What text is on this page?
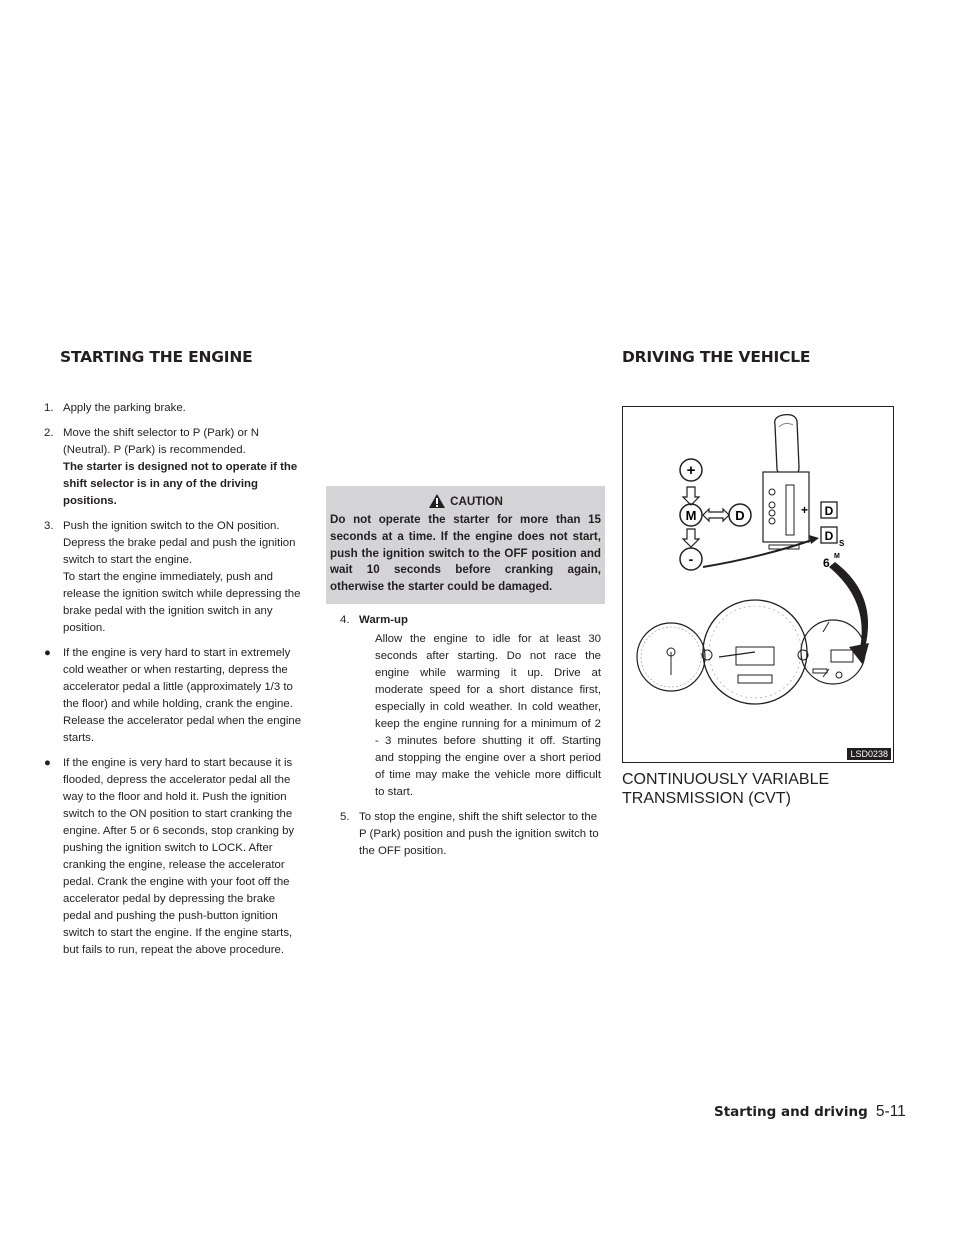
STARTING THE ENGINE	DRIVING THE VEHICLE
1. Apply the parking brake.
2. Move the shift selector to P (Park) or N (Neutral). P (Park) is recommended.

The starter is designed not to operate if the shift selector is in any of the driving positions.

3. Push the ignition switch to the ON position. Depress the brake pedal and push the ignition switch to start the engine.

To start the engine immediately, push and release the ignition switch while depressing the brake pedal with the ignition switch in any position.

● If the engine is very hard to start in extremely cold weather or when restarting, depress the accelerator pedal a little (approximately 1/3 to the floor) and while holding, crank the engine. Release the accelerator pedal when the engine starts.

● If the engine is very hard to start because it is flooded, depress the accelerator pedal all the way to the floor and hold it. Push the ignition switch to the ON position to start cranking the engine. After 5 or 6 seconds, stop cranking by pushing the ignition switch to LOCK. After cranking the engine, release the accelerator pedal. Crank the engine with your foot off the accelerator pedal by depressing the brake pedal and pushing the push-button ignition switch to start the engine. If the engine starts, but fails to run, repeat the above procedure.

CAUTION
Do not operate the starter for more than 15 seconds at a time. If the engine does not start, push the ignition switch to the OFF position and wait 10 seconds before cranking again, otherwise the starter could be damaged.
4. Warm-up

Allow the engine to idle for at least 30 seconds after starting. Do not race the engine while warming it up. Drive at moderate speed for a short distance first, especially in cold weather. In cold weather, keep the engine running for a minimum of 2 - 3 minutes before shutting it off. Starting and stopping the engine over a short period of time may make the vehicle more difficult to start.

5. To stop the engine, shift the shift selector to the P (Park) position and push the ignition switch to the OFF position.

+
M	D
-
+ D
D
S
6 M
LSD0238
CONTINUOUSLY VARIABLE
TRANSMISSION (CVT)
Starting and driving 5-11
